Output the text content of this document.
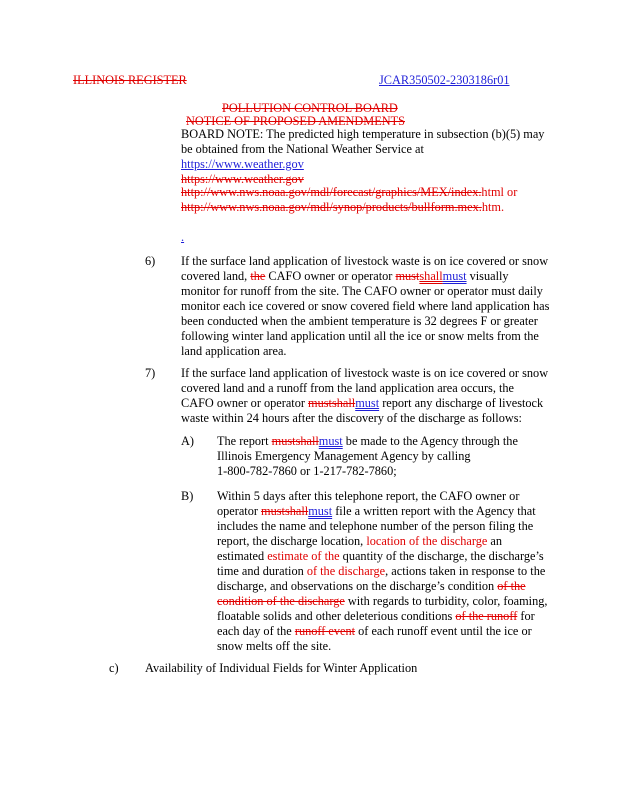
ILLINOIS REGISTER	JCAR350502-2303186r01
POLLUTION CONTROL BOARD
NOTICE OF PROPOSED AMENDMENTS
BOARD NOTE: The predicted high temperature in subsection (b)(5) may
be obtained from the National Weather Service at
https://www.weather.gov
https://www.weather.gov
http://www.nws.noaa.gov/mdl/forecast/graphics/MEX/index.html or
http://www.nws.noaa.gov/mdl/synop/products/bullform.mex.htm.
.
6) If the surface land application of livestock waste is on ice covered or snow
covered land, the CAFO owner or operator mustshallmust visually
monitor for runoff from the site. The CAFO owner or operator must daily
monitor each ice covered or snow covered field where land application has
been conducted when the ambient temperature is 32 degrees F or greater
following winter land application until all the ice or snow melts from the
land application area.
7) If the surface land application of livestock waste is on ice covered or snow
covered land and a runoff from the land application area occurs, the
CAFO owner or operator mustshallmust report any discharge of livestock
waste within 24 hours after the discovery of the discharge as follows:
A) The report mustshallmust be made to the Agency through the
Illinois Emergency Management Agency by calling
1-800-782-7860 or 1-217-782-7860;
B) Within 5 days after this telephone report, the CAFO owner or
operator mustshallmust file a written report with the Agency that
includes the name and telephone number of the person filing the
report, the discharge location, location of the discharge an
estimated estimate of the quantity of the discharge, the discharge’s
time and duration of the discharge, actions taken in response to the
discharge, and observations on the discharge’s condition of the
condition of the discharge with regards to turbidity, color, foaming,
floatable solids and other deleterious conditions of the runoff for
each day of the runoff event of each runoff event until the ice or
snow melts off the site.
c) Availability of Individual Fields for Winter Application
